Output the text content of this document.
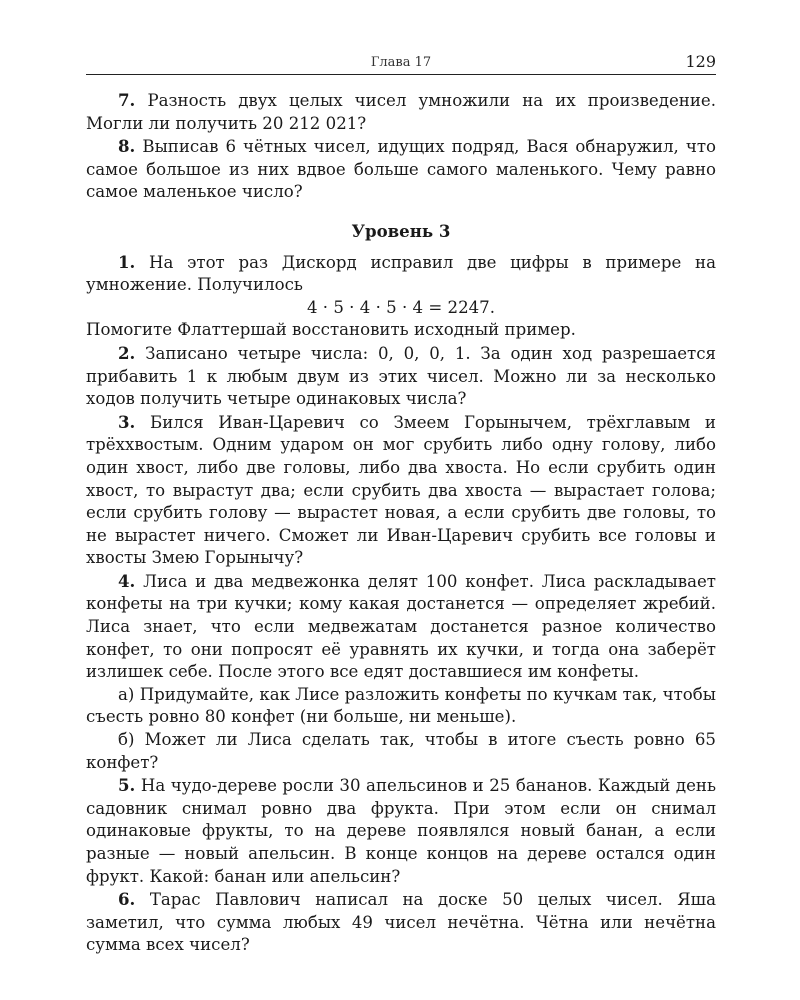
Глава 17	129

7. Разность двух целых чисел умножили на их произведение. Могли ли получить 20 212 021?

8. Выписав 6 чётных чисел, идущих подряд, Вася обнаружил, что самое большое из них вдвое больше самого маленького. Чему равно самое маленькое число?

Уровень 3

1. На этот раз Дискорд исправил две цифры в примере на умножение. Получилось

4 · 5 · 4 · 5 · 4 = 2247.

Помогите Флаттершай восстановить исходный пример.

2. Записано четыре числа: 0, 0, 0, 1. За один ход разрешается прибавить 1 к любым двум из этих чисел. Можно ли за несколько ходов получить четыре одинаковых числа?

3. Бился Иван-Царевич со Змеем Горынычем, трёхглавым и трёххвостым. Одним ударом он мог срубить либо одну голову, либо один хвост, либо две головы, либо два хвоста. Но если срубить один хвост, то вырастут два; если срубить два хвоста — вырастает голова; если срубить голову — вырастет новая, а если срубить две головы, то не вырастет ничего. Сможет ли Иван-Царевич срубить все головы и хвосты Змею Горынычу?

4. Лиса и два медвежонка делят 100 конфет. Лиса раскладывает конфеты на три кучки; кому какая достанется — определяет жребий. Лиса знает, что если медвежатам достанется разное количество конфет, то они попросят её уравнять их кучки, и тогда она заберёт излишек себе. После этого все едят доставшиеся им конфеты.

а) Придумайте, как Лисе разложить конфеты по кучкам так, чтобы съесть ровно 80 конфет (ни больше, ни меньше).

б) Может ли Лиса сделать так, чтобы в итоге съесть ровно 65 конфет?

5. На чудо-дереве росли 30 апельсинов и 25 бананов. Каждый день садовник снимал ровно два фрукта. При этом если он снимал одинаковые фрукты, то на дереве появлялся новый банан, а если разные — новый апельсин. В конце концов на дереве остался один фрукт. Какой: банан или апельсин?

6. Тарас Павлович написал на доске 50 целых чисел. Яша заметил, что сумма любых 49 чисел нечётна. Чётна или нечётна сумма всех чисел?
